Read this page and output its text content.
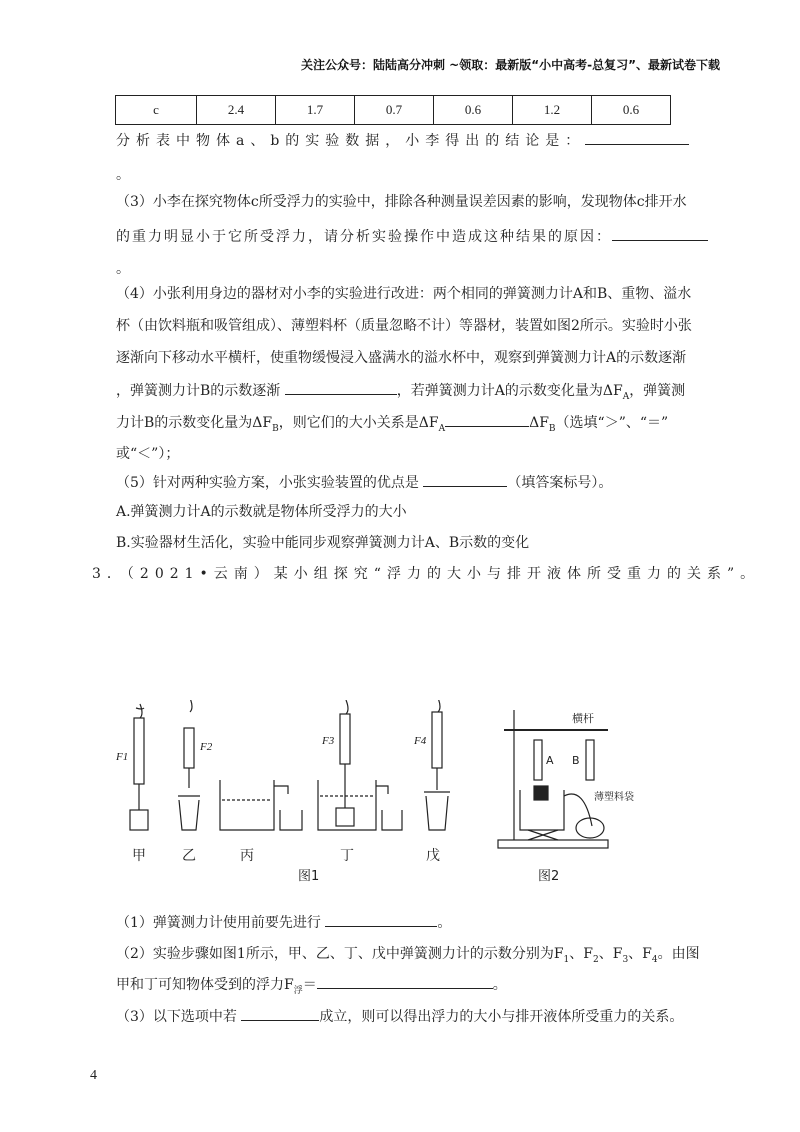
关注公众号：陆陆高分冲刺 ~领取：最新版“小中高考-总复习”、最新试卷下载
c	2.4	1.7	0.7	0.6	1.2	0.6
分析表中物体a、b的实验数据，小李得出的结论是：
。
（3）小李在探究物体c所受浮力的实验中，排除各种测量误差因素的影响，发现物体c排开水
的重力明显小于它所受浮力，请分析实验操作中造成这种结果的原因：
。
（4）小张利用身边的器材对小李的实验进行改进：两个相同的弹簧测力计A和B、重物、溢水
杯（由饮料瓶和吸管组成）、薄塑料杯（质量忽略不计）等器材，装置如图2所示。实验时小张
逐渐向下移动水平横杆，使重物缓慢浸入盛满水的溢水杯中，观察到弹簧测力计A的示数逐渐
，弹簧测力计B的示数逐渐	，若弹簧测力计A的示数变化量为$\Delta F_A$，弹簧测
力计B的示数变化量为$\Delta F_B$，则它们的大小关系是$\Delta F_A$	$\Delta F_B$（选填“＞”、“＝”
或“＜”）；
（5）针对两种实验方案，小张实验装置的优点是	（填答案标号）。
A.弹簧测力计A的示数就是物体所受浮力的大小
B.实验器材生活化，实验中能同步观察弹簧测力计A、B示数的变化
3．（2021•云南）某小组探究“浮力的大小与排开液体所受重力的关系”。
F1
F2	F3	F4
甲	乙	丙	丁	戊
图1	图2
横杆
A B
薄塑料袋
（1）弹簧测力计使用前要先进行	。
（2）实验步骤如图1所示，甲、乙、丁、戊中弹簧测力计的示数分别为$F_1$、$F_2$、$F_3$、$F_4$。由图
甲和丁可知物体受到的浮力$F_浮=$	。
（3）以下选项中若	成立，则可以得出浮力的大小与排开液体所受重力的关系。
4
